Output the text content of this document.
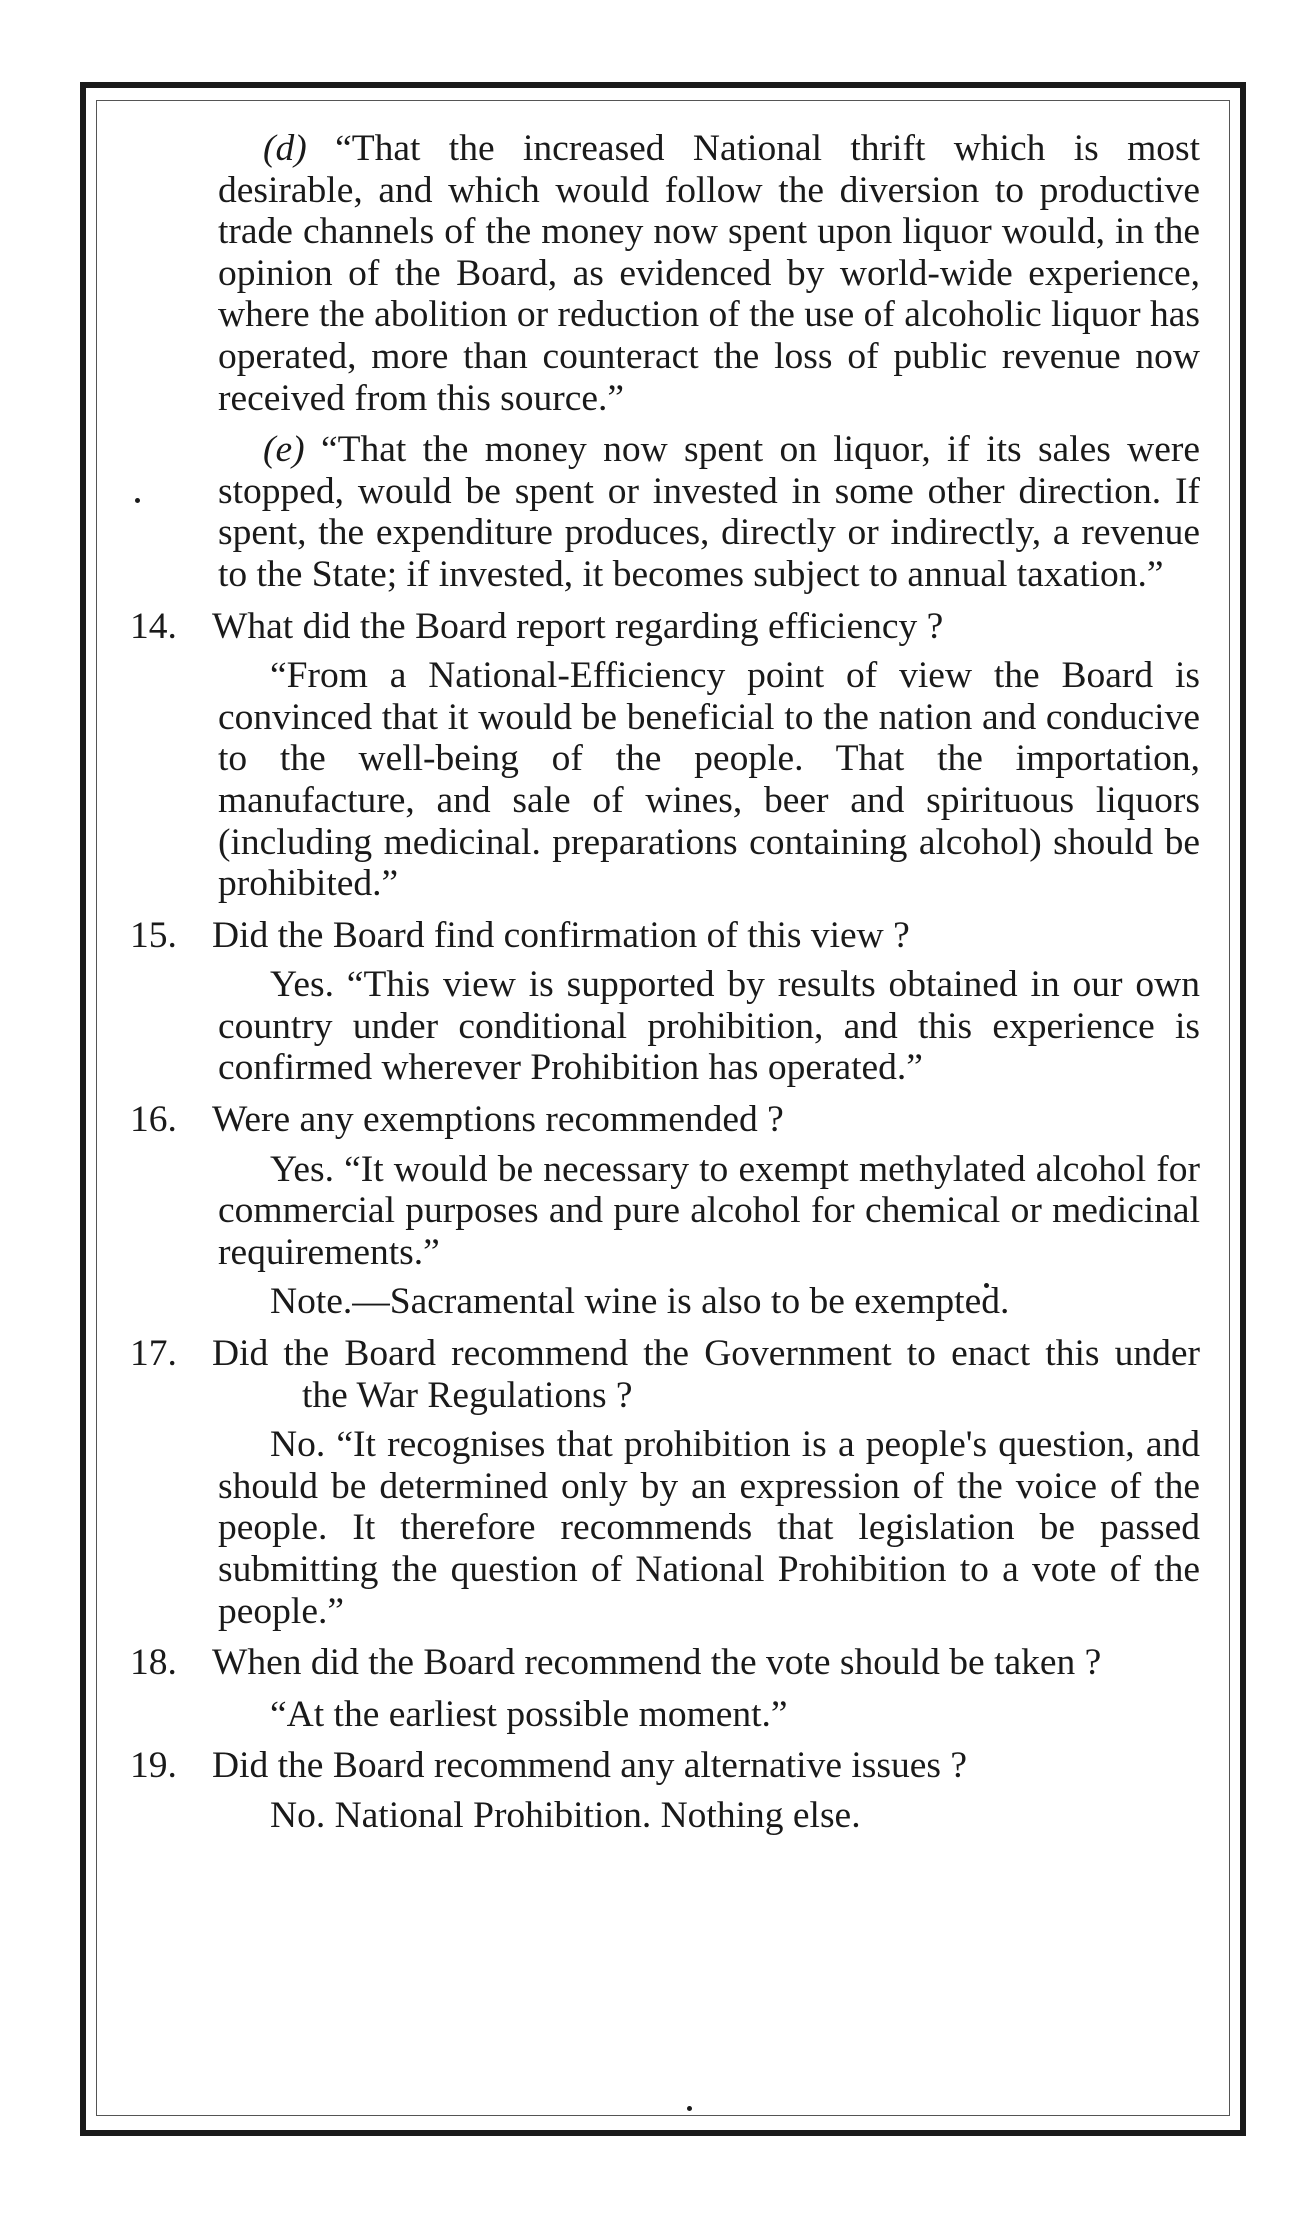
(d) “That the increased National thrift which is most desirable, and which would follow the diversion to productive trade channels of the money now spent upon liquor would, in the opinion of the Board, as evidenced by world-wide experience, where the abolition or reduction of the use of alcoholic liquor has operated, more than counteract the loss of public revenue now received from this source.”

(e) “That the money now spent on liquor, if its sales were stopped, would be spent or invested in some other direction. If spent, the expenditure produces, directly or indirectly, a revenue to the State; if invested, it becomes subject to annual taxation.”

14. What did the Board report regarding efficiency ?

“From a National-Efficiency point of view the Board is convinced that it would be beneficial to the nation and conducive to the well-being of the people. That the importation, manufacture, and sale of wines, beer and spirituous liquors (including medicinal. preparations containing alcohol) should be prohibited.”

15. Did the Board find confirmation of this view ?

Yes. “This view is supported by results obtained in our own country under conditional prohibition, and this experience is confirmed wherever Prohibition has operated.”

16. Were any exemptions recommended ?

Yes. “It would be necessary to exempt methylated alcohol for commercial purposes and pure alcohol for chemical or medicinal requirements.”

Note.—Sacramental wine is also to be exempted.

17. Did the Board recommend the Government to enact this under the War Regulations ?

No. “It recognises that prohibition is a people's question, and should be determined only by an expression of the voice of the people. It therefore recommends that legislation be passed submitting the question of National Prohibition to a vote of the people.”

18. When did the Board recommend the vote should be taken ?

“At the earliest possible moment.”

19. Did the Board recommend any alternative issues ?

No. National Prohibition. Nothing else.
